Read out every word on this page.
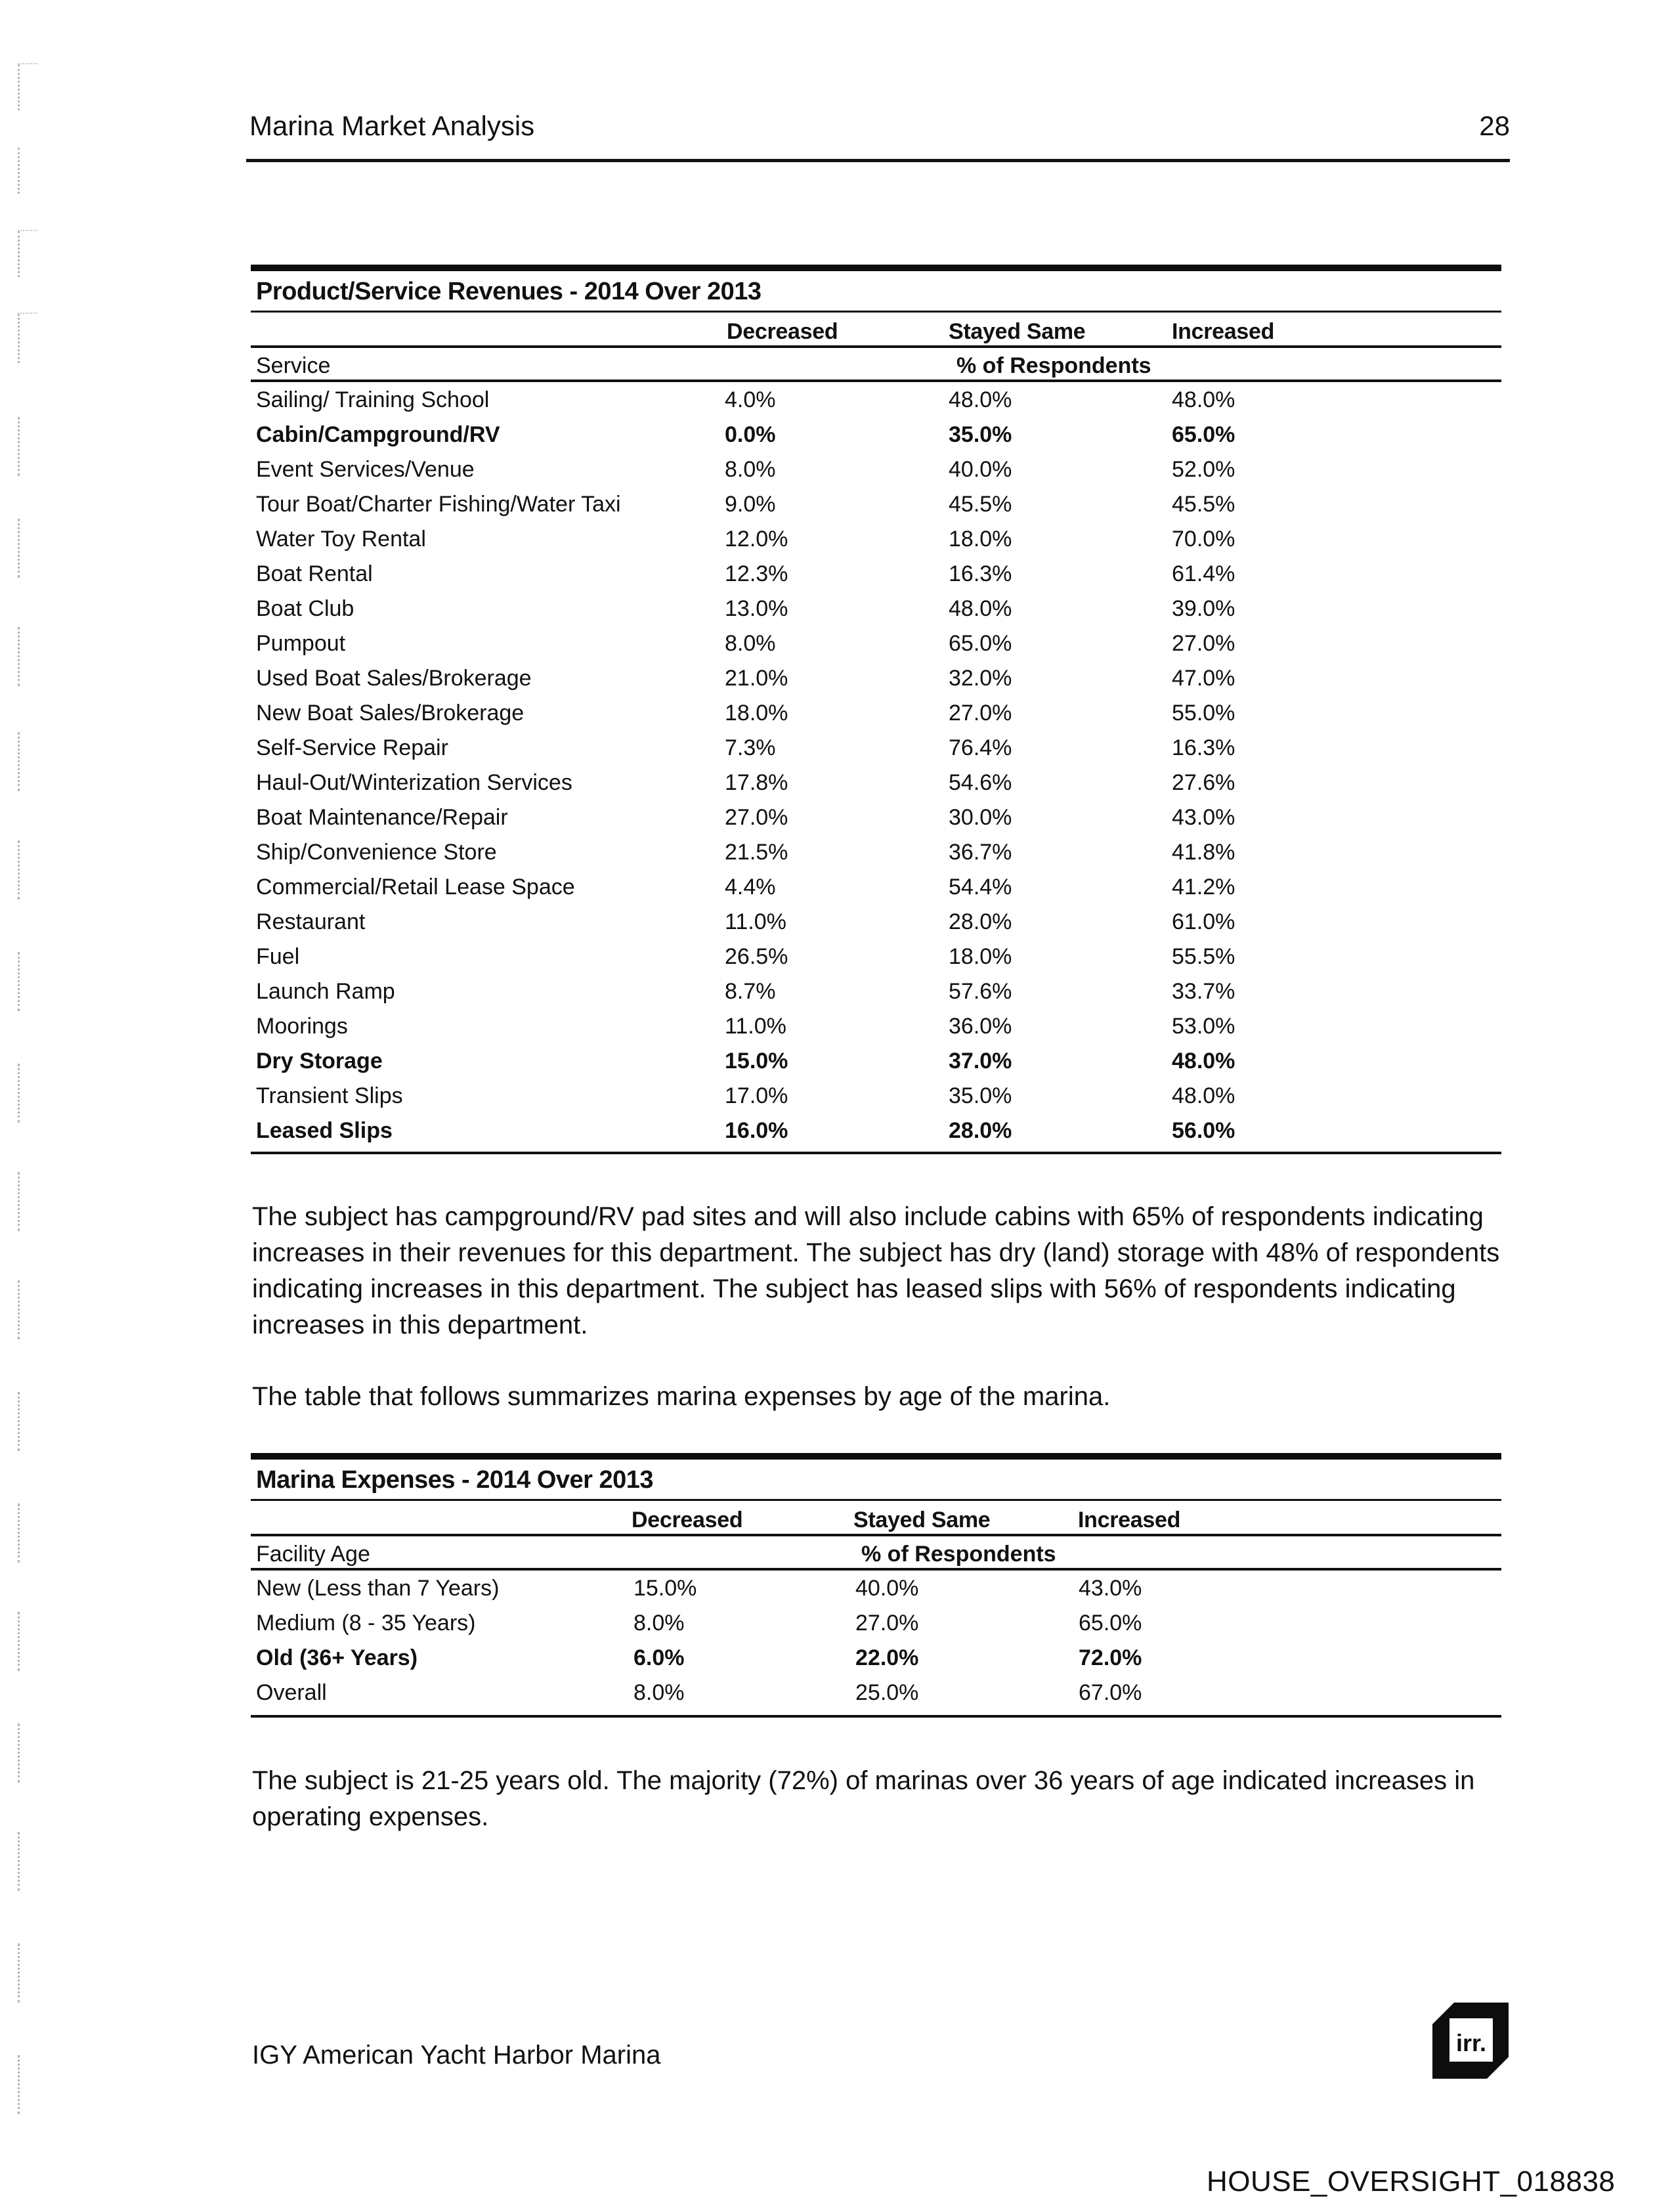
Marina Market Analysis	28
Product/Service Revenues - 2014 Over 2013
Decreased	Stayed Same	Increased
Service	% of Respondents
Sailing/ Training School	4.0%	48.0%	48.0%
Cabin/Campground/RV	0.0%	35.0%	65.0%
Event Services/Venue	8.0%	40.0%	52.0%
Tour Boat/Charter Fishing/Water Taxi	9.0%	45.5%	45.5%
Water Toy Rental	12.0%	18.0%	70.0%
Boat Rental	12.3%	16.3%	61.4%
Boat Club	13.0%	48.0%	39.0%
Pumpout	8.0%	65.0%	27.0%
Used Boat Sales/Brokerage	21.0%	32.0%	47.0%
New Boat Sales/Brokerage	18.0%	27.0%	55.0%
Self-Service Repair	7.3%	76.4%	16.3%
Haul-Out/Winterization Services	17.8%	54.6%	27.6%
Boat Maintenance/Repair	27.0%	30.0%	43.0%
Ship/Convenience Store	21.5%	36.7%	41.8%
Commercial/Retail Lease Space	4.4%	54.4%	41.2%
Restaurant	11.0%	28.0%	61.0%
Fuel	26.5%	18.0%	55.5%
Launch Ramp	8.7%	57.6%	33.7%
Moorings	11.0%	36.0%	53.0%
Dry Storage	15.0%	37.0%	48.0%
Transient Slips	17.0%	35.0%	48.0%
Leased Slips	16.0%	28.0%	56.0%
The subject has campground/RV pad sites and will also include cabins with 65% of respondents indicating increases in their revenues for this department. The subject has dry (land) storage with 48% of respondents indicating increases in this department. The subject has leased slips with 56% of respondents indicating increases in this department.
The table that follows summarizes marina expenses by age of the marina.
Marina Expenses - 2014 Over 2013
Decreased	Stayed Same	Increased
Facility Age	% of Respondents
New (Less than 7 Years)	15.0%	40.0%	43.0%
Medium (8 - 35 Years)	8.0%	27.0%	65.0%
Old (36+ Years)	6.0%	22.0%	72.0%
Overall	8.0%	25.0%	67.0%
The subject is 21-25 years old. The majority (72%) of marinas over 36 years of age indicated increases in operating expenses.
IGY American Yacht Harbor Marina	irr.
HOUSE_OVERSIGHT_018838
